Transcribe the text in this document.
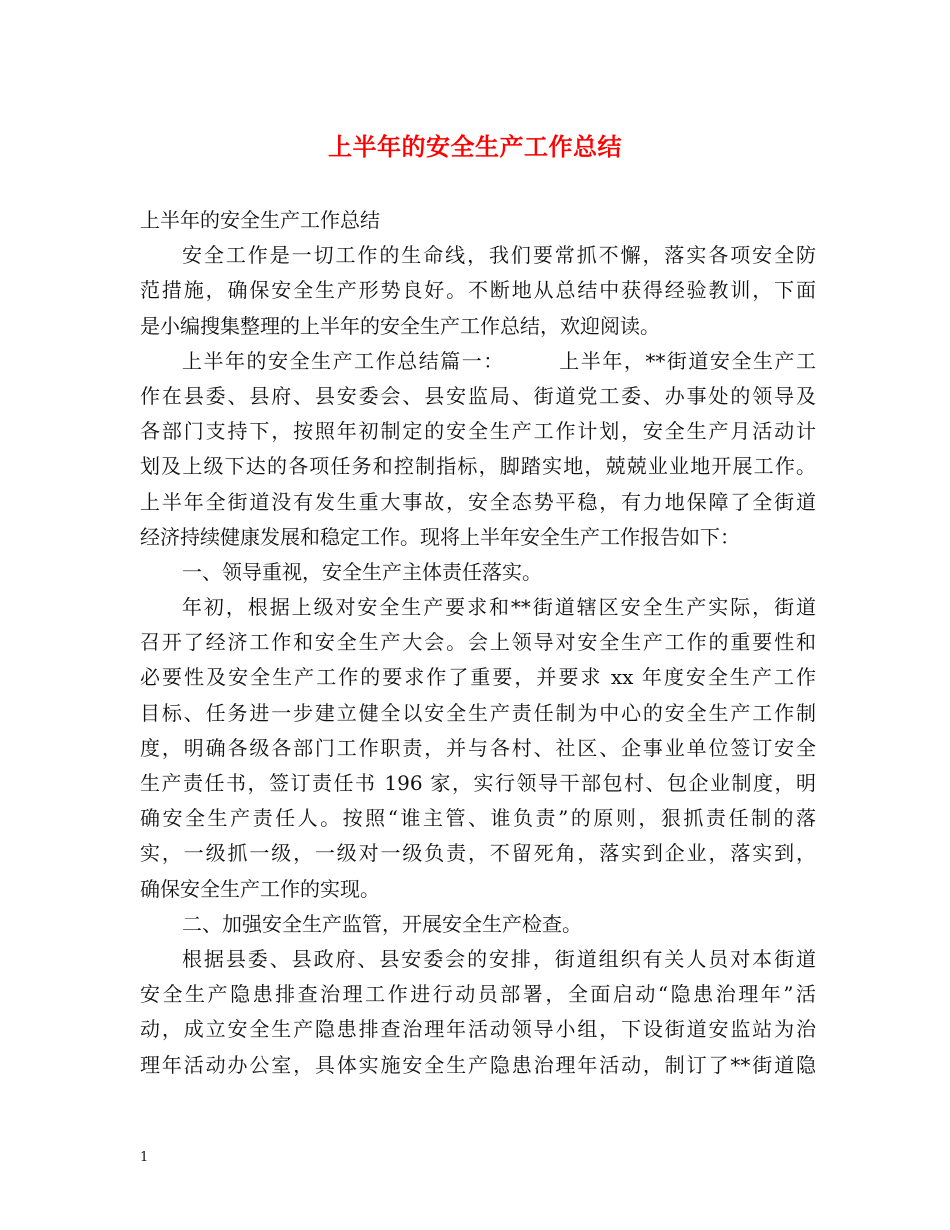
上半年的安全生产工作总结
上半年的安全生产工作总结
安全工作是一切工作的生命线，我们要常抓不懈，落实各项安全防
范措施，确保安全生产形势良好。不断地从总结中获得经验教训，下面
是小编搜集整理的上半年的安全生产工作总结，欢迎阅读。
上半年的安全生产工作总结篇一：　　　上半年，**街道安全生产工
作在县委、县府、县安委会、县安监局、街道党工委、办事处的领导及
各部门支持下，按照年初制定的安全生产工作计划，安全生产月活动计
划及上级下达的各项任务和控制指标，脚踏实地，兢兢业业地开展工作。
上半年全街道没有发生重大事故，安全态势平稳，有力地保障了全街道
经济持续健康发展和稳定工作。现将上半年安全生产工作报告如下：
一、领导重视，安全生产主体责任落实。
年初，根据上级对安全生产要求和**街道辖区安全生产实际，街道
召开了经济工作和安全生产大会。会上领导对安全生产工作的重要性和
必要性及安全生产工作的要求作了重要，并要求 xx 年度安全生产工作
目标、任务进一步建立健全以安全生产责任制为中心的安全生产工作制
度，明确各级各部门工作职责，并与各村、社区、企事业单位签订安全
生产责任书，签订责任书 196 家，实行领导干部包村、包企业制度，明
确安全生产责任人。按照“谁主管、谁负责”的原则，狠抓责任制的落
实，一级抓一级，一级对一级负责，不留死角，落实到企业，落实到，
确保安全生产工作的实现。
二、加强安全生产监管，开展安全生产检查。
根据县委、县政府、县安委会的安排，街道组织有关人员对本街道
安全生产隐患排查治理工作进行动员部署，全面启动“隐患治理年”活
动，成立安全生产隐患排查治理年活动领导小组，下设街道安监站为治
理年活动办公室，具体实施安全生产隐患治理年活动，制订了**街道隐
1
